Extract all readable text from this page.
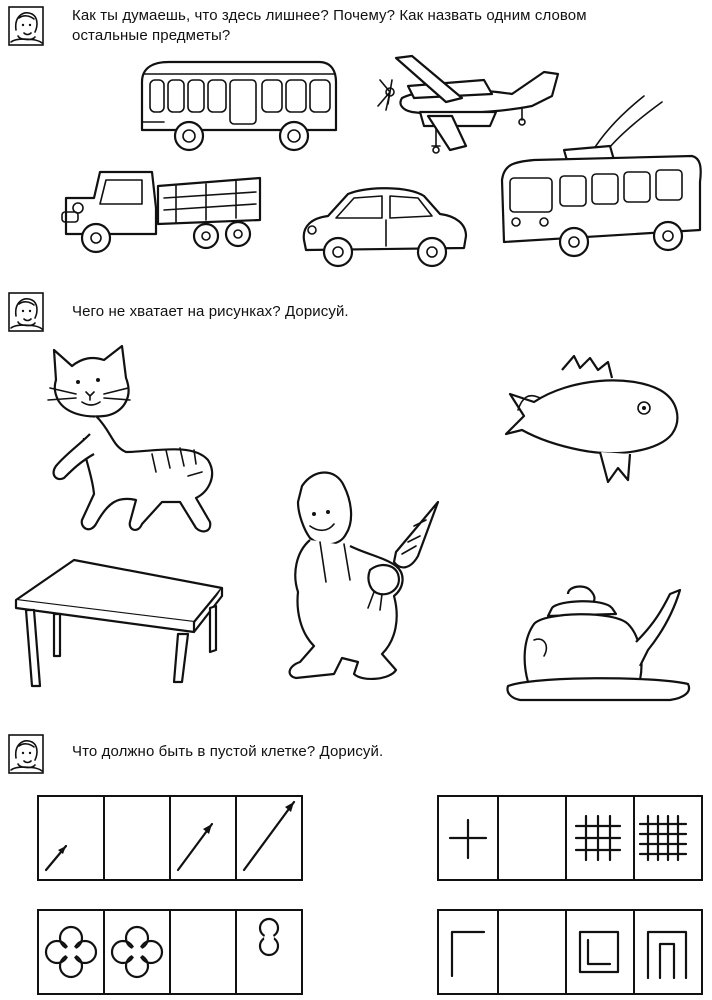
Как ты думаешь, что здесь лишнее? Почему? Как назвать одним словом
остальные предметы?
Чего не хватает на рисунках? Дорисуй.
Что должно быть в пустой клетке? Дорисуй.
